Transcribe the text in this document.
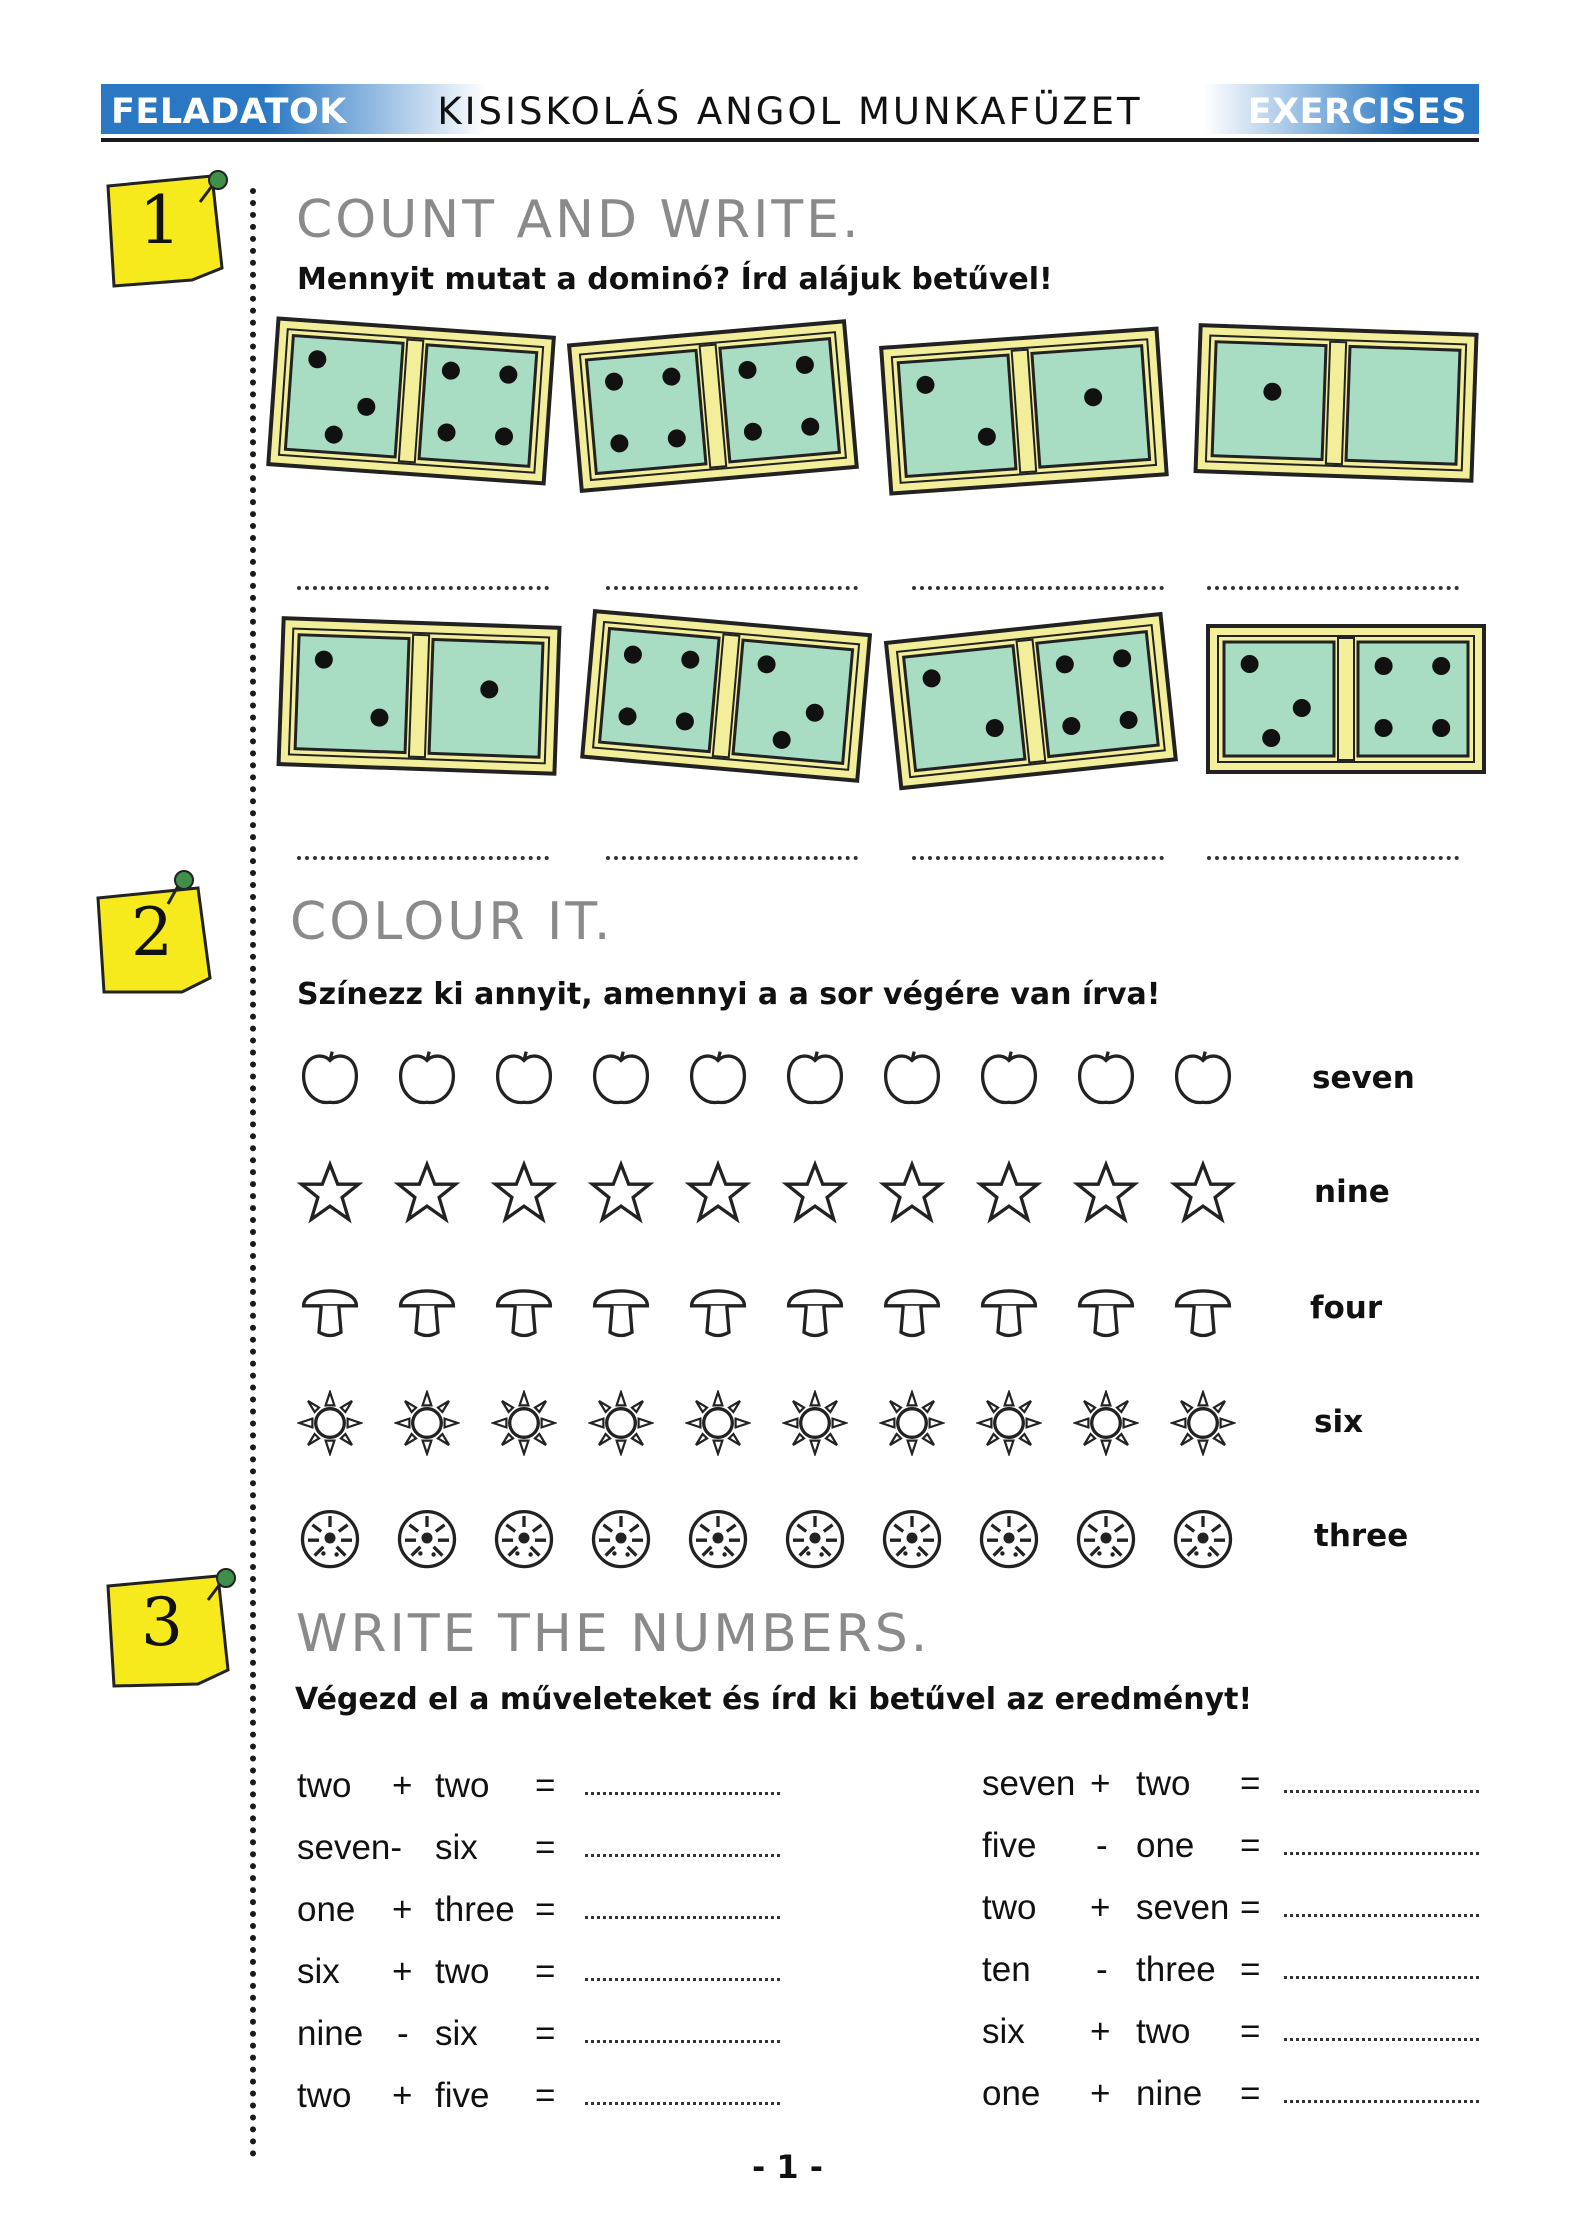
FELADATOK	KISISKOLÁS ANGOL MUNKAFÜZET	EXERCISES
1
2
3
COUNT AND WRITE.
Mennyit mutat a dominó? Írd alájuk betűvel!
COLOUR IT.
Színezz ki annyit, amennyi a a sor végére van írva!
seven
nine
four
six
three
WRITE THE NUMBERS.
Végezd el a műveleteket és írd ki betűvel az eredményt!
two + two =
seven- six =
one + three =
six + two =
nine - six =
two + five =
seven + two =
five - one =
two + seven =
ten - three =
six + two =
one + nine =
- 1 -
